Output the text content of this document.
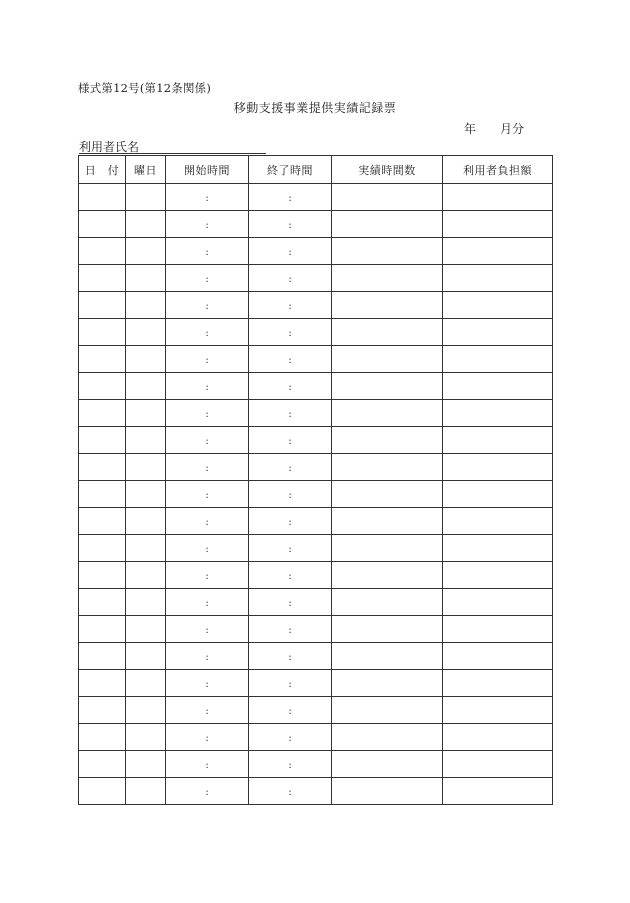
様式第12号(第12条関係)
移動支援事業提供実績記録票
年 月分
利用者氏名
日　付	曜日	開始時間	終了時間	実績時間数	利用者負担額
		:	:		
		:	:		
		:	:		
		:	:		
		:	:		
		:	:		
		:	:		
		:	:		
		:	:		
		:	:		
		:	:		
		:	:		
		:	:		
		:	:		
		:	:		
		:	:		
		:	:		
		:	:		
		:	:		
		:	:		
		:	:		
		:	:		
		:	:		
